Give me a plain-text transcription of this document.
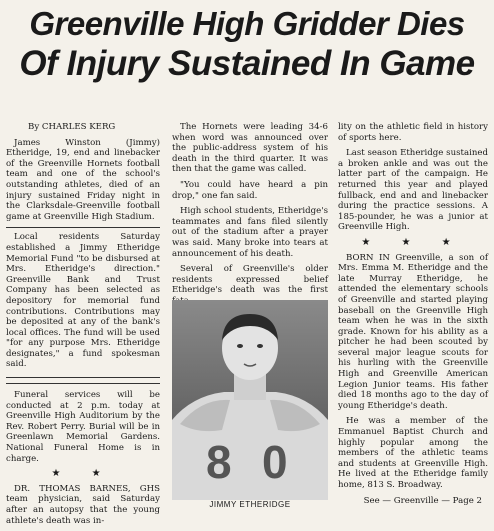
Greenville High Gridder Dies
Of Injury Sustained In Game

By CHARLES KERG

James Winston (Jimmy) Etheridge, 19, end and linebacker of the Greenville Hornets football team and one of the school's outstanding athletes, died of an injury sustained Friday night in the Clarksdale-Greenville football game at Greenville High Stadium.

Local residents Saturday established a Jimmy Etheridge Memorial Fund "to be disbursed at Mrs. Etheridge's direction." Greenville Bank and Trust Company has been selected as depository for memorial fund contributions. Contributions may be deposited at any of the bank's local offices. The fund will be used "for any purpose Mrs. Etheridge designates," a fund spokesman said.

Funeral services will be conducted at 2 p.m. today at Greenville High Auditorium by the Rev. Robert Perry. Burial will be in Greenlawn Memorial Gardens. National Funeral Home is in charge.

★ ★

DR. THOMAS BARNES, GHS team physician, said Saturday after an autopsy that the young athlete's death was in-

The Hornets were leading 34-6 when word was announced over the public-address system of his death in the third quarter. It was then that the game was called.

"You could have heard a pin drop," one fan said.

High school students, Etheridge's teammates and fans filed silently out of the stadium after a prayer was said. Many broke into tears at announcement of his death.

Several of Greenville's older residents expressed belief Etheridge's death was the first

8 0
JIMMY ETHERIDGE

lity on the athletic field in history of sports here.

Last season Etheridge sustained a broken ankle and was out the latter part of the campaign. He returned this year and played fullback, end and and linebacker during the practice sessions. A 185-pounder, he was a junior at Greenville High.

★ ★ ★

BORN IN Greenville, a son of Mrs. Emma M. Etheridge and the late Murray Etheridge, he attended the elementary schools of Greenville and started playing baseball on the Greenville High team when he was in the sixth grade. Known for his ability as a pitcher he had been scouted by several major league scouts for his hurling with the Greenville High and Greenville American Legion Junior teams. His father died 18 months ago to the day of young Etheridge's death.

He was a member of the Emmanuel Baptist Church and highly popular among the members of the athletic teams and students at Greenville High. He lived at the Etheridge family home, 813 S. Broadway.

See — Greenville — Page 2
